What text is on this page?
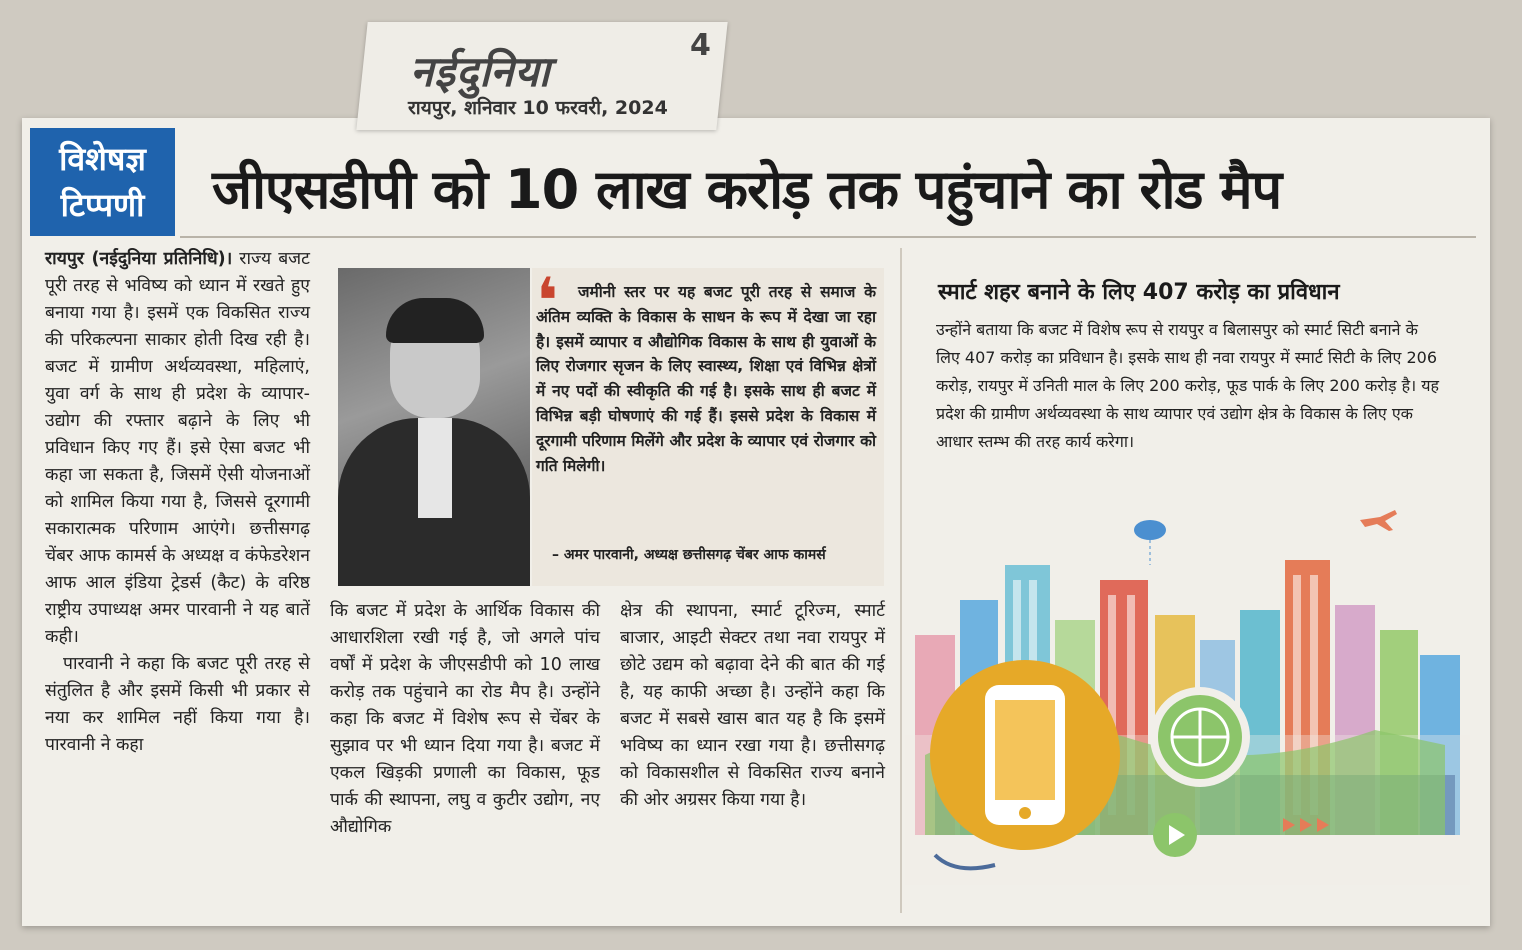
नईदुनिया
4
रायपुर, शनिवार 10 फरवरी, 2024
विशेषज्ञ
टिप्पणी	जीएसडीपी को 10 लाख करोड़ तक पहुंचाने का रोड मैप

रायपुर (नईदुनिया प्रतिनिधि)। राज्य बजट पूरी तरह से भविष्य को ध्यान में रखते हुए बनाया गया है। इसमें एक विकसित राज्य की परिकल्पना साकार होती दिख रही है। बजट में ग्रामीण अर्थव्यवस्था, महिलाएं, युवा वर्ग के साथ ही प्रदेश के व्यापार-उद्योग की रफ्तार बढ़ाने के लिए भी प्रविधान किए गए हैं। इसे ऐसा बजट भी कहा जा सकता है, जिसमें ऐसी योजनाओं को शामिल किया गया है, जिससे दूरगामी सकारात्मक परिणाम आएंगे। छत्तीसगढ़ चेंबर आफ कामर्स के अध्यक्ष व कंफेडरेशन आफ आल इंडिया ट्रेडर्स (कैट) के वरिष्ठ राष्ट्रीय उपाध्यक्ष अमर पारवानी ने यह बातें कही।

पारवानी ने कहा कि बजट पूरी तरह से संतुलित है और इसमें किसी भी प्रकार से नया कर शामिल नहीं किया गया है। पारवानी ने कहा

❛	जमीनी स्तर पर यह बजट पूरी तरह से समाज के अंतिम व्यक्ति के विकास के साधन के रूप में देखा जा रहा है। इसमें व्यापार व औद्योगिक विकास के साथ ही युवाओं के लिए रोजगार सृजन के लिए स्वास्थ्य, शिक्षा एवं विभिन्न क्षेत्रों में नए पदों की स्वीकृति की गई है। इसके साथ ही बजट में विभिन्न बड़ी घोषणाएं की गई हैं। इससे प्रदेश के विकास में दूरगामी परिणाम मिलेंगे और प्रदेश के व्यापार एवं रोजगार को गति मिलेगी।
– अमर पारवानी, अध्यक्ष छत्तीसगढ़ चेंबर आफ कामर्स
कि बजट में प्रदेश के आर्थिक विकास की आधारशिला रखी गई है, जो अगले पांच वर्षों में प्रदेश के जीएसडीपी को 10 लाख करोड़ तक पहुंचाने का रोड मैप है। उन्होंने कहा कि बजट में विशेष रूप से चेंबर के सुझाव पर भी ध्यान दिया गया है। बजट में एकल खिड़की प्रणाली का विकास, फूड पार्क की स्थापना, लघु व कुटीर उद्योग, नए औद्योगिक
क्षेत्र की स्थापना, स्मार्ट टूरिज्म, स्मार्ट बाजार, आइटी सेक्टर तथा नवा रायपुर में छोटे उद्यम को बढ़ावा देने की बात की गई है, यह काफी अच्छा है। उन्होंने कहा कि बजट में सबसे खास बात यह है कि इसमें भविष्य का ध्यान रखा गया है। छत्तीसगढ़ को विकासशील से विकसित राज्य बनाने की ओर अग्रसर किया गया है।
स्मार्ट शहर बनाने के लिए 407 करोड़ का प्रविधान
उन्होंने बताया कि बजट में विशेष रूप से रायपुर व बिलासपुर को स्मार्ट सिटी बनाने के लिए 407 करोड़ का प्रविधान है। इसके साथ ही नवा रायपुर में स्मार्ट सिटी के लिए 206 करोड़, रायपुर में उनिती माल के लिए 200 करोड़, फूड पार्क के लिए 200 करोड़ है। यह प्रदेश की ग्रामीण अर्थव्यवस्था के साथ व्यापार एवं उद्योग क्षेत्र के विकास के लिए एक आधार स्तम्भ की तरह कार्य करेगा।
